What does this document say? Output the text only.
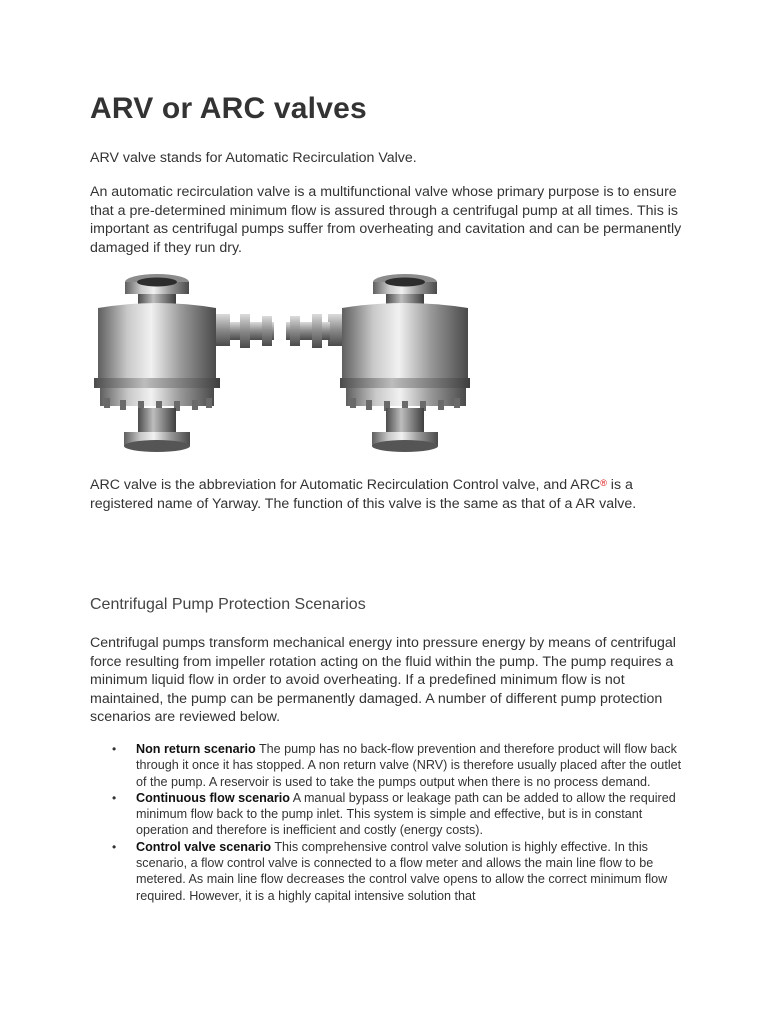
ARV or ARC valves

ARV valve stands for Automatic Recirculation Valve.

An automatic recirculation valve is a multifunctional valve whose primary purpose is to ensure that a pre-determined minimum flow is assured through a centrifugal pump at all times. This is important as centrifugal pumps suffer from overheating and cavitation and can be permanently damaged if they run dry.

ARC valve is the abbreviation for Automatic Recirculation Control valve, and ARC® is a registered name of Yarway. The function of this valve is the same as that of a AR valve.

Centrifugal Pump Protection Scenarios

Centrifugal pumps transform mechanical energy into pressure energy by means of centrifugal force resulting from impeller rotation acting on the fluid within the pump. The pump requires a minimum liquid flow in order to avoid overheating. If a predefined minimum flow is not maintained, the pump can be permanently damaged. A number of different pump protection scenarios are reviewed below.

• Non return scenario The pump has no back-flow prevention and therefore product will flow back through it once it has stopped. A non return valve (NRV) is therefore usually placed after the outlet of the pump. A reservoir is used to take the pumps output when there is no process demand.
• Continuous flow scenario A manual bypass or leakage path can be added to allow the required minimum flow back to the pump inlet. This system is simple and effective, but is in constant operation and therefore is inefficient and costly (energy costs).
• Control valve scenario This comprehensive control valve solution is highly effective. In this scenario, a flow control valve is connected to a flow meter and allows the main line flow to be metered. As main line flow decreases the control valve opens to allow the correct minimum flow required. However, it is a highly capital intensive solution that
